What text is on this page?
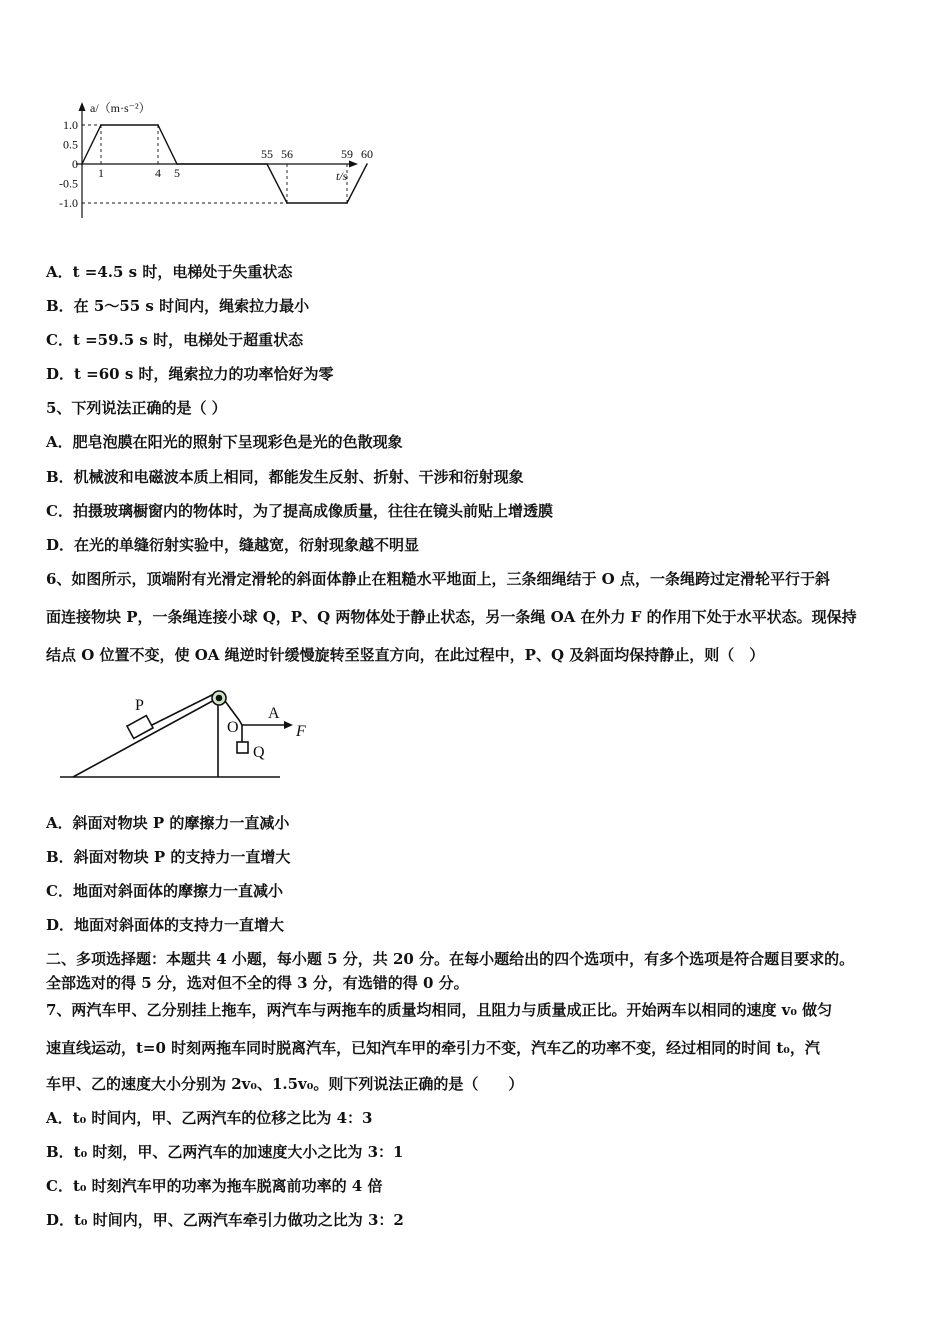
a/（m·s⁻²）
t/s
1.0
0.5
0
-0.5
-1.0
1	4 5
55 56	59 60
A．t =4.5 s 时，电梯处于失重状态
B．在 5～55 s 时间内，绳索拉力最小
C．t =59.5 s 时，电梯处于超重状态
D．t =60 s 时，绳索拉力的功率恰好为零
5、下列说法正确的是（ ）
A．肥皂泡膜在阳光的照射下呈现彩色是光的色散现象
B．机械波和电磁波本质上相同，都能发生反射、折射、干涉和衍射现象
C．拍摄玻璃橱窗内的物体时，为了提高成像质量，往往在镜头前贴上增透膜
D．在光的单缝衍射实验中，缝越宽，衍射现象越不明显
6、如图所示，顶端附有光滑定滑轮的斜面体静止在粗糙水平地面上，三条细绳结于 O 点，一条绳跨过定滑轮平行于斜
面连接物块 P，一条绳连接小球 Q，P、Q 两物体处于静止状态，另一条绳 OA 在外力 F 的作用下处于水平状态。现保持
结点 O 位置不变，使 OA 绳逆时针缓慢旋转至竖直方向，在此过程中，P、Q 及斜面均保持静止，则（　）
P
O
A
F
Q
A．斜面对物块 P 的摩擦力一直减小
B．斜面对物块 P 的支持力一直增大
C．地面对斜面体的摩擦力一直减小
D．地面对斜面体的支持力一直增大
二、多项选择题：本题共 4 小题，每小题 5 分，共 20 分。在每小题给出的四个选项中，有多个选项是符合题目要求的。
全部选对的得 5 分，选对但不全的得 3 分，有选错的得 0 分。
7、两汽车甲、乙分别挂上拖车，两汽车与两拖车的质量均相同，且阻力与质量成正比。开始两车以相同的速度 v₀ 做匀
速直线运动，t=0 时刻两拖车同时脱离汽车，已知汽车甲的牵引力不变，汽车乙的功率不变，经过相同的时间 t₀，汽
车甲、乙的速度大小分别为 2v₀、1.5v₀。则下列说法正确的是（　　）
A．t₀ 时间内，甲、乙两汽车的位移之比为 4：3
B．t₀ 时刻，甲、乙两汽车的加速度大小之比为 3：1
C．t₀ 时刻汽车甲的功率为拖车脱离前功率的 4 倍
D．t₀ 时间内，甲、乙两汽车牵引力做功之比为 3：2
